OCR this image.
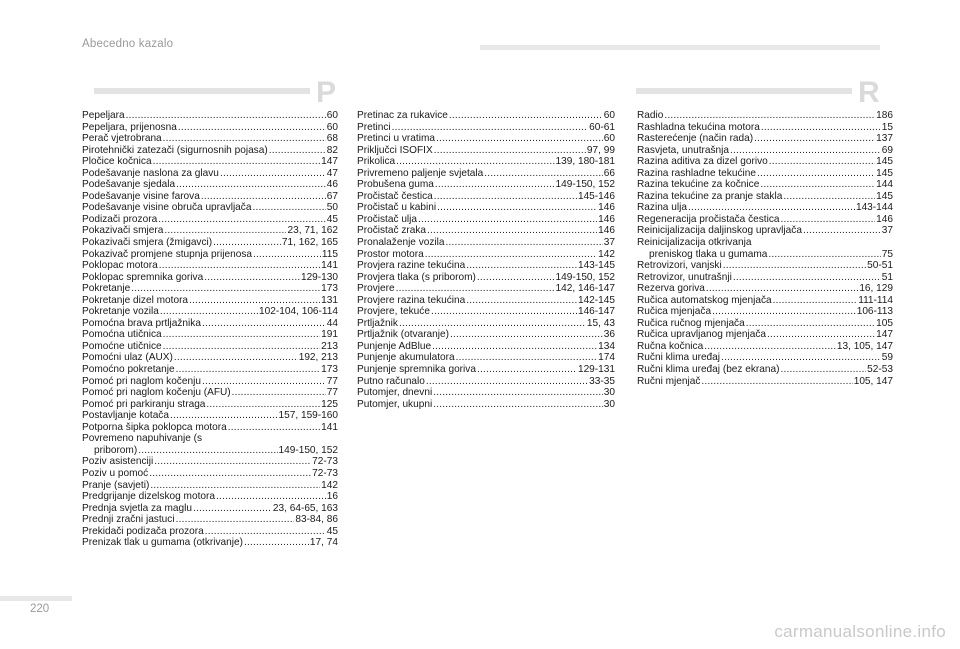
Abecedno kazalo
P	R
Pepeljara .....	60
Pepeljara, prijenosna .....	60
Perač vjetrobrana .....	68
Pirotehnički zatezači (sigurnosnih pojasa) .....	82
Pločice kočnica .....	147
Podešavanje naslona za glavu .....	47
Podešavanje sjedala .....	46
Podešavanje visine farova .....	67
Podešavanje visine obruča upravljača .....	50
Podizači prozora .....	45
Pokazivači smjera .....	23, 71, 162
Pokazivači smjera (žmigavci) .....	71, 162, 165
Pokazivač promjene stupnja prijenosa .....	115
Poklopac motora .....	141
Poklopac spremnika goriva .....	129-130
Pokretanje .....	173
Pokretanje dizel motora .....	131
Pokretanje vozila .....	102-104, 106-114
Pomoćna brava prtljažnika .....	44
Pomoćna utičnica .....	191
Pomoćne utičnice .....	213
Pomoćni ulaz (AUX) .....	192, 213
Pomoćno pokretanje .....	173
Pomoć pri naglom kočenju .....	77
Pomoć pri naglom kočenju (AFU) .....	77
Pomoć pri parkiranju straga .....	125
Postavljanje kotača .....	157, 159-160
Potporna šipka poklopca motora .....	141
Povremeno napuhivanje (s
priborom) .....	149-150, 152
Poziv asistenciji .....	72-73
Poziv u pomoć .....	72-73
Pranje (savjeti) .....	142
Predgrijanje dizelskog motora .....	16
Prednja svjetla za maglu .....	23, 64-65, 163
Prednji zračni jastuci .....	83-84, 86
Prekidači podizača prozora .....	45
Prenizak tlak u gumama (otkrivanje) .....	17, 74
Pretinac za rukavice .....	60
Pretinci .....	60-61
Pretinci u vratima .....	60
Priključci ISOFIX .....	97, 99
Prikolica .....	139, 180-181
Privremeno paljenje svjetala .....	66
Probušena guma .....	149-150, 152
Pročistač čestica .....	145-146
Pročistač u kabini .....	146
Pročistač ulja .....	146
Pročistač zraka .....	146
Pronalaženje vozila .....	37
Prostor motora .....	142
Provjera razine tekućina .....	143-145
Provjera tlaka (s priborom) .....	149-150, 152
Provjere .....	142, 146-147
Provjere razina tekućina .....	142-145
Provjere, tekuće .....	146-147
Prtljažnik .....	15, 43
Prtljažnik (otvaranje) .....	36
Punjenje AdBlue .....	134
Punjenje akumulatora .....	174
Punjenje spremnika goriva .....	129-131
Putno računalo .....	33-35
Putomjer, dnevni .....	30
Putomjer, ukupni .....	30
Radio .....	186
Rashladna tekućina motora .....	15
Rasterećenje (način rada) .....	137
Rasvjeta, unutrašnja .....	69
Razina aditiva za dizel gorivo .....	145
Razina rashladne tekućine .....	145
Razina tekućine za kočnice .....	144
Razina tekućine za pranje stakla .....	145
Razina ulja .....	143-144
Regeneracija pročistača čestica .....	146
Reinicijalizacija daljinskog upravljača .....	37
Reinicijalizacija otkrivanja
preniskog tlaka u gumama .....	75
Retrovizori, vanjski .....	50-51
Retrovizor, unutrašnji .....	51
Rezerva goriva .....	16, 129
Ručica automatskog mjenjača .....	111-114
Ručica mjenjača .....	106-113
Ručica ručnog mjenjača .....	105
Ručica upravljanog mjenjača .....	147
Ručna kočnica .....	13, 105, 147
Ručni klima uređaj .....	59
Ručni klima uređaj (bez ekrana) .....	52-53
Ručni mjenjač .....	105, 147
220
carmanualsonline.info
